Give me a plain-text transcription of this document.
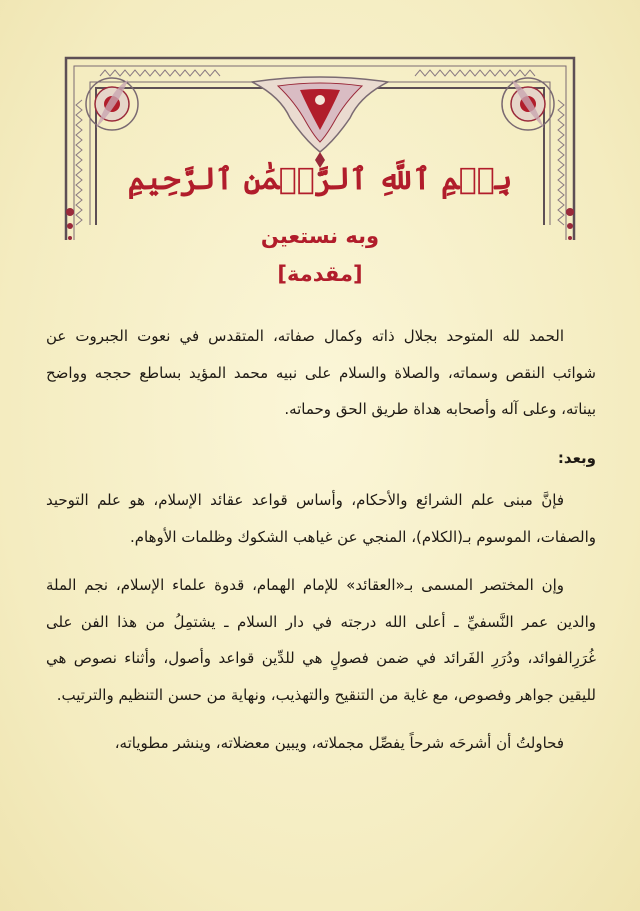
بِسۡمِ ٱللَّهِ ٱلرَّحۡمَٰنِ ٱلرَّحِيمِ
وبه نستعين
[مقدمة]

الحمد لله المتوحد بجلال ذاته وكمال صفاته، المتقدس في نعوت الجبروت عن شوائب النقص وسماته، والصلاة والسلام على نبيه محمد المؤيد بساطع حججه وواضح بيناته، وعلى آله وأصحابه هداة طريق الحق وحماته.

وبعد:

فإنَّ مبنى علم الشرائع والأحكام، وأساس قواعد عقائد الإسلام، هو علم التوحيد والصفات، الموسوم بـ(الكلام)، المنجي عن غياهب الشكوك وظلمات الأوهام.

وإن المختصر المسمى بـ«العقائد» للإمام الهمام، قدوة علماء الإسلام، نجم الملة والدين عمر النَّسفيِّ ـ أعلى الله درجته في دار السلام ـ يشتمِلُ من هذا الفن على غُرَرِالفوائد، ودُرَرِ الفَرائد في ضمن فصولٍ هي للدِّين قواعد وأصول، وأثناء نصوص هي لليقين جواهر وفصوص، مع غاية من التنقيح والتهذيب، ونهاية من حسن التنظيم والترتيب.

فحاولتُ أن أشرحَه شرحاً يفصِّل مجملاته، ويبين معضلاته، وينشر مطوياته،
